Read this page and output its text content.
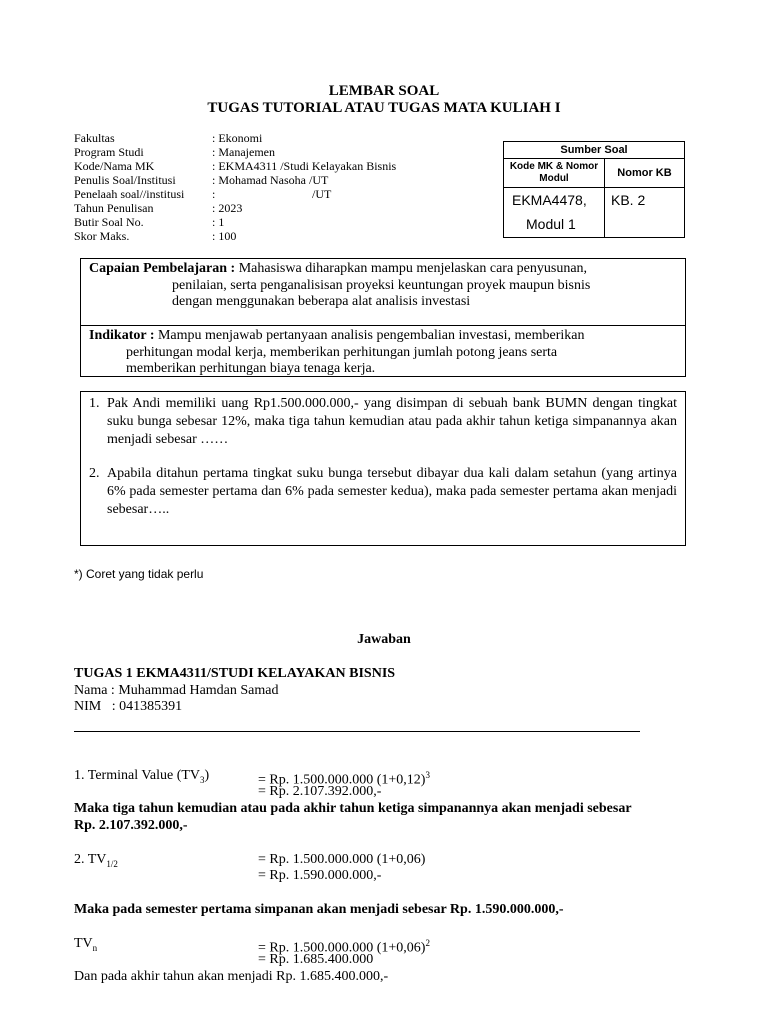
LEMBAR SOAL
TUGAS TUTORIAL ATAU TUGAS MATA KULIAH I
Fakultas	: Ekonomi
Program Studi	: Manajemen
Kode/Nama MK	: EKMA4311 /Studi Kelayakan Bisnis
Penulis Soal/Institusi	: Mohamad Nasoha /UT
Penelaah soal//institusi :	/UT
Tahun Penulisan	: 2023
Butir Soal No.	: 1
Skor Maks.	: 100
Sumber Soal	
Kode MK & Nomor Modul	Nomor KB

EKMA4478,
Modul 1	KB. 2
Capaian Pembelajaran : Mahasiswa diharapkan mampu menjelaskan cara penyusunan,
penilaian, serta penganalisisan proyeksi keuntungan proyek maupun bisnis
dengan menggunakan beberapa alat analisis investasi
Indikator : Mampu menjawab pertanyaan analisis pengembalian investasi, memberikan
perhitungan modal kerja, memberikan perhitungan jumlah potong jeans serta
memberikan perhitungan biaya tenaga kerja.
1. Pak Andi memiliki uang Rp1.500.000.000,- yang disimpan di sebuah bank BUMN dengan tingkat suku bunga sebesar 12%, maka tiga tahun kemudian atau pada akhir tahun ketiga simpanannya akan menjadi sebesar ……
2. Apabila ditahun pertama tingkat suku bunga tersebut dibayar dua kali dalam setahun (yang artinya 6% pada semester pertama dan 6% pada semester kedua), maka pada semester pertama akan menjadi sebesar…..
*) Coret yang tidak perlu
Jawaban
TUGAS 1 EKMA4311/STUDI KELAYAKAN BISNIS
Nama : Muhammad Hamdan Samad
NIM   : 041385391
1. Terminal Value $(TV_3)$	= Rp. 1.500.000.000 $(1+0,12)^3$
= Rp. 2.107.392.000,-
Maka tiga tahun kemudian atau pada akhir tahun ketiga simpanannya akan menjadi sebesar Rp. 2.107.392.000,-
2. $TV_{1/2}$	= Rp. 1.500.000.000 (1+0,06)
= Rp. 1.590.000.000,-
Maka pada semester pertama simpanan akan menjadi sebesar Rp. 1.590.000.000,-
$TV_n$	= Rp. 1.500.000.000 $(1+0,06)^2$
= Rp. 1.685.400.000
Dan pada akhir tahun akan menjadi Rp. 1.685.400.000,-
